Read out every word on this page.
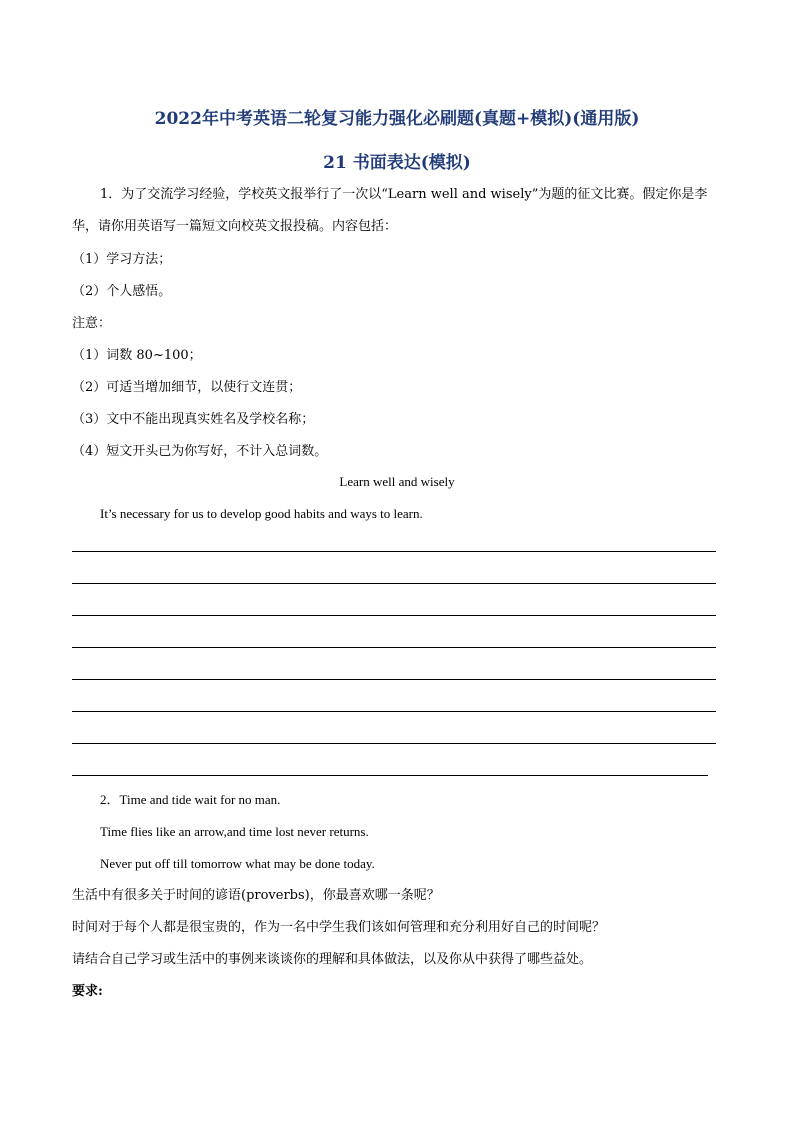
2022年中考英语二轮复习能力强化必刷题(真题+模拟)(通用版)
21 书面表达(模拟)
1．为了交流学习经验，学校英文报举行了一次以“Learn well and wisely”为题的征文比赛。假定你是李
华，请你用英语写一篇短文向校英文报投稿。内容包括：
（1）学习方法；
（2）个人感悟。
注意：
（1）词数 80~100；
（2）可适当增加细节，以使行文连贯；
（3）文中不能出现真实姓名及学校名称；
（4）短文开头已为你写好，不计入总词数。
Learn well and wisely
It’s necessary for us to develop good habits and ways to learn.
2．Time and tide wait for no man.
Time flies like an arrow,and time lost never returns.
Never put off till tomorrow what may be done today.
生活中有很多关于时间的谚语(proverbs)，你最喜欢哪一条呢？
时间对于每个人都是很宝贵的，作为一名中学生我们该如何管理和充分利用好自己的时间呢？
请结合自己学习或生活中的事例来谈谈你的理解和具体做法，以及你从中获得了哪些益处。
要求:
